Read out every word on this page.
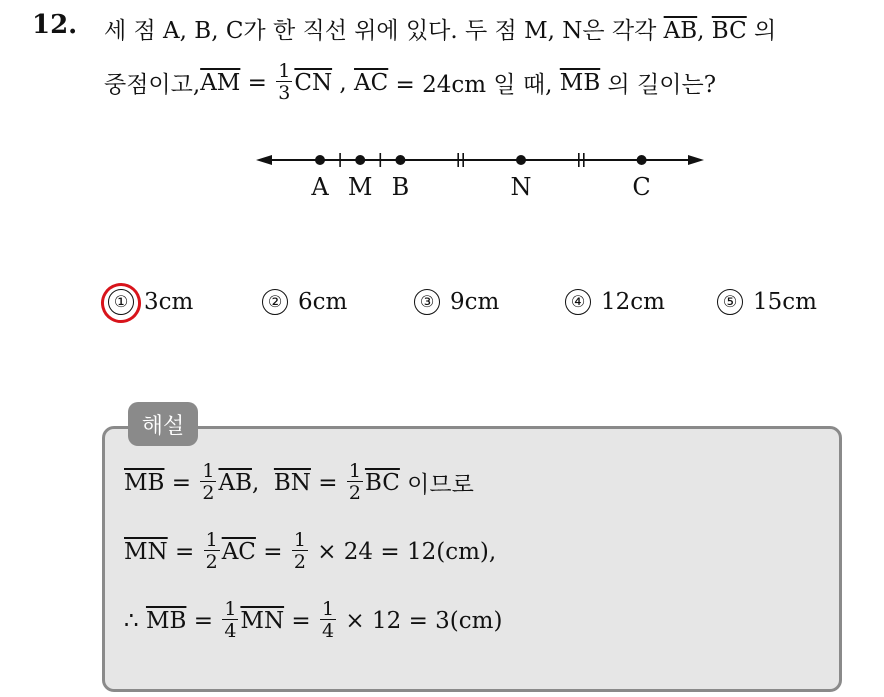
12. 세 점 A, B, C가 한 직선 위에 있다. 두 점 M, N은 각각 $\overline{AB}$, $\overline{BC}$ 의
중점이고, $\overline{AM} = \frac{1}{3} \overline{CN}$ , $\overline{AC} = 24cm$ 일 때, $\overline{MB}$ 의 길이는?
A M B	N	C
① 3cm	② 6cm	③ 9cm	④ 12cm	⑤ 15cm
해설
$\overline{MB} = \frac{1}{2} \overline{AB}$ , $\overline{BN} = \frac{1}{2} \overline{BC}$ 이므로
$\overline{MN} = \frac{1}{2} \overline{AC} = \frac{1}{2} \times 24 = 12(cm)$,
∴ $\overline{MB} = \frac{1}{4} \overline{MN} = \frac{1}{4} \times 12 = 3(cm)$
